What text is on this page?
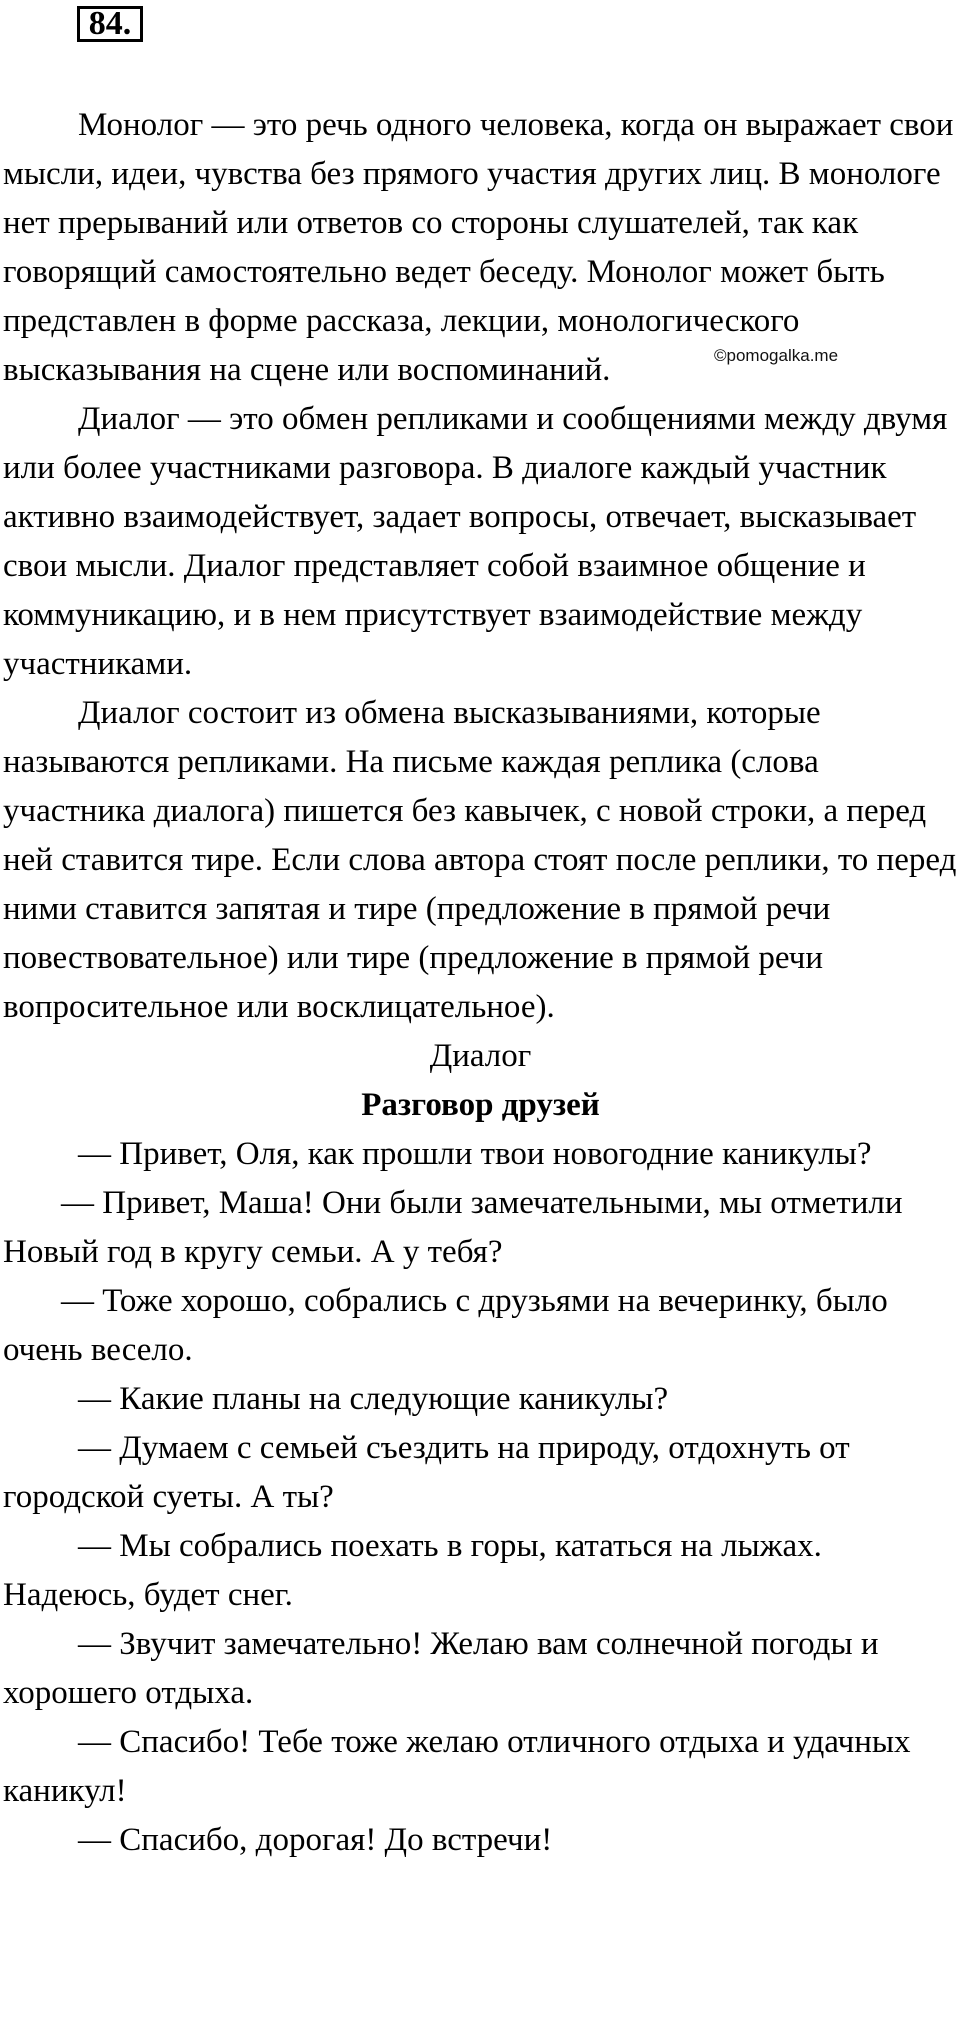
84.

Монолог — это речь одного человека, когда он выражает свои мысли, идеи, чувства без прямого участия других лиц. В монологе нет прерываний или ответов со стороны слушателей, так как говорящий самостоятельно ведет беседу. Монолог может быть представлен в форме рассказа, лекции, монологического высказывания на сцене или воспоминаний.

Диалог — это обмен репликами и сообщениями между двумя или более участниками разговора. В диалоге каждый участник активно взаимодействует, задает вопросы, отвечает, высказывает свои мысли. Диалог представляет собой взаимное общение и коммуникацию, и в нем присутствует взаимодействие между участниками.

Диалог состоит из обмена высказываниями, которые называются репликами. На письме каждая реплика (слова участника диалога) пишется без кавычек, с новой строки, а перед ней ставится тире. Если слова автора стоят после реплики, то перед ними ставится запятая и тире (предложение в прямой речи повествовательное) или тире (предложение в прямой речи вопросительное или восклицательное).

Диалог

Разговор друзей

— Привет, Оля, как прошли твои новогодние каникулы?

— Привет, Маша! Они были замечательными, мы отметили Новый год в кругу семьи. А у тебя?

— Тоже хорошо, собрались с друзьями на вечеринку, было очень весело.

— Какие планы на следующие каникулы?

— Думаем с семьей съездить на природу, отдохнуть от городской суеты. А ты?

— Мы собрались поехать в горы, кататься на лыжах. Надеюсь, будет снег.

— Звучит замечательно! Желаю вам солнечной погоды и хорошего отдыха.

— Спасибо! Тебе тоже желаю отличного отдыха и удачных каникул!

— Спасибо, дорогая! До встречи!

©pomogalka.me
